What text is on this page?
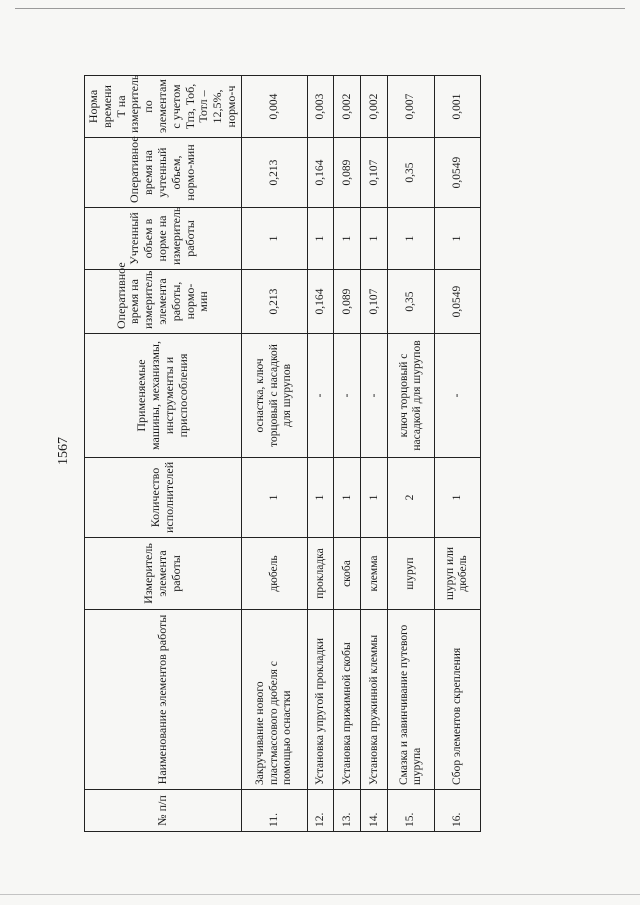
1567
№ п/п	Наименование элементов работы	Измеритель элемента работы	Количество исполнителей	Применяемые машины, механизмы, инструменты и приспособления	Оперативное время на измеритель элемента работы, нормо-мин	Учтенный объем в норме на измеритель работы	Оперативное время на учтенный объем, нормо-мин	Норма времени Т на измеритель по элементам с учетом Тпз, Тоб, Тотл – 12,5%, нормо-ч
11.	Закручивание нового пластмассового дюбеля с помощью оснастки	дюбель	1	оснастка, ключ торцовый с насадкой для шурупов	0,213	1	0,213	0,004
12.	Установка упругой прокладки	прокладка	1	-	0,164	1	0,164	0,003
13.	Установка прижимной скобы	скоба	1	-	0,089	1	0,089	0,002
14.	Установка пружинной клеммы	клемма	1	-	0,107	1	0,107	0,002
15.	Смазка и завинчивание путевого шурупа	шуруп	2	ключ торцовый с насадкой для шурупов	0,35	1	0,35	0,007
16.	Сбор элементов скрепления	шуруп или дюбель	1	-	0,0549	1	0,0549	0,001
